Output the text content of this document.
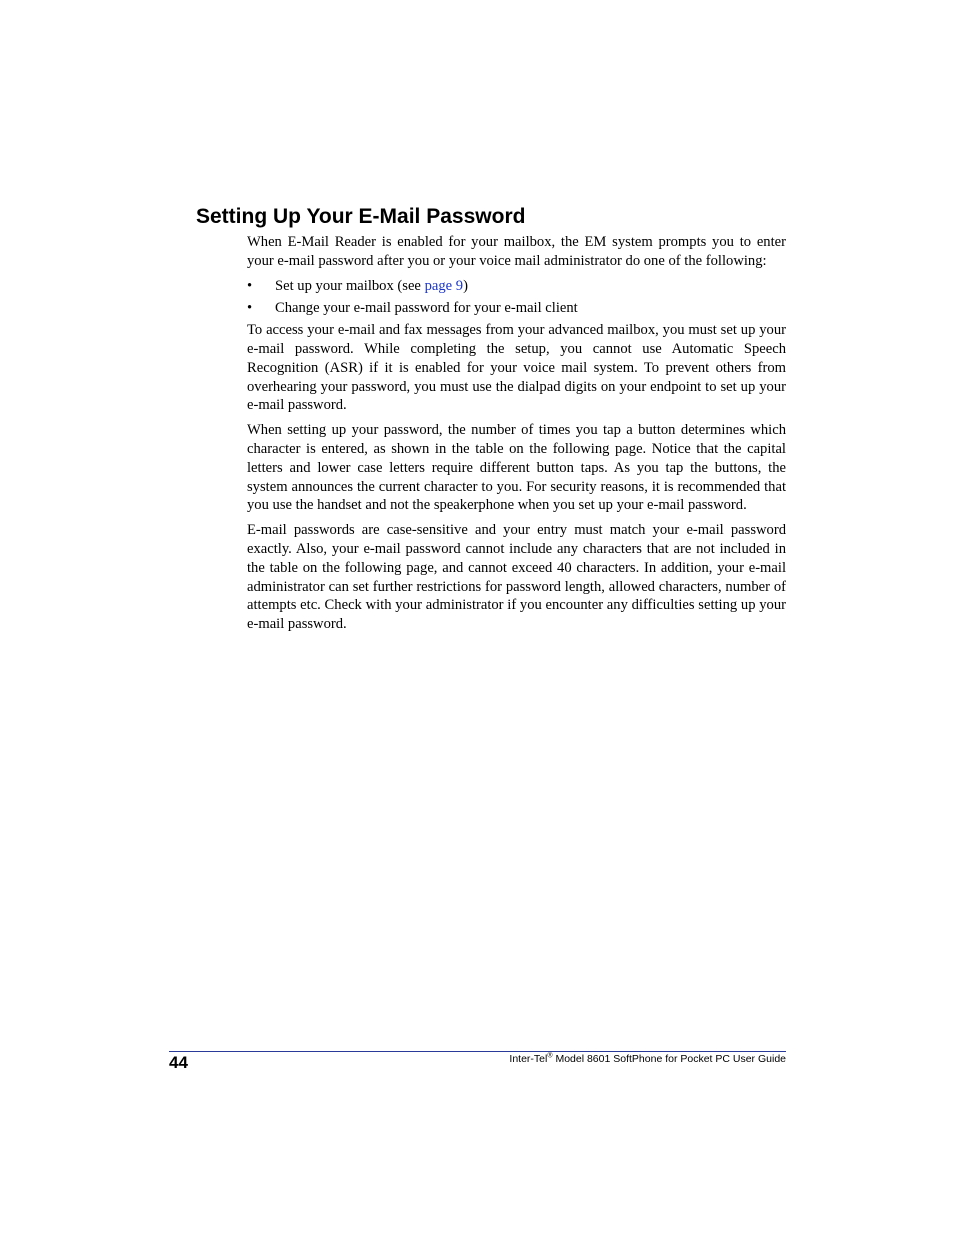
Setting Up Your E-Mail Password

When E-Mail Reader is enabled for your mailbox, the EM system prompts you to enter your e-mail password after you or your voice mail administrator do one of the following:

• Set up your mailbox (see page 9)
• Change your e-mail password for your e-mail client

To access your e-mail and fax messages from your advanced mailbox, you must set up your e-mail password. While completing the setup, you cannot use Automatic Speech Recognition (ASR) if it is enabled for your voice mail system. To prevent others from overhearing your password, you must use the dialpad digits on your endpoint to set up your e-mail password.

When setting up your password, the number of times you tap a button determines which character is entered, as shown in the table on the following page. Notice that the capital letters and lower case letters require different button taps. As you tap the buttons, the system announces the current character to you. For security reasons, it is recommended that you use the handset and not the speakerphone when you set up your e-mail password.

E-mail passwords are case-sensitive and your entry must match your e-mail password exactly. Also, your e-mail password cannot include any characters that are not included in the table on the following page, and cannot exceed 40 characters. In addition, your e-mail administrator can set further restrictions for password length, allowed characters, number of attempts etc. Check with your administrator if you encounter any difficulties setting up your e-mail password.

44	Inter-Tel® Model 8601 SoftPhone for Pocket PC User Guide
